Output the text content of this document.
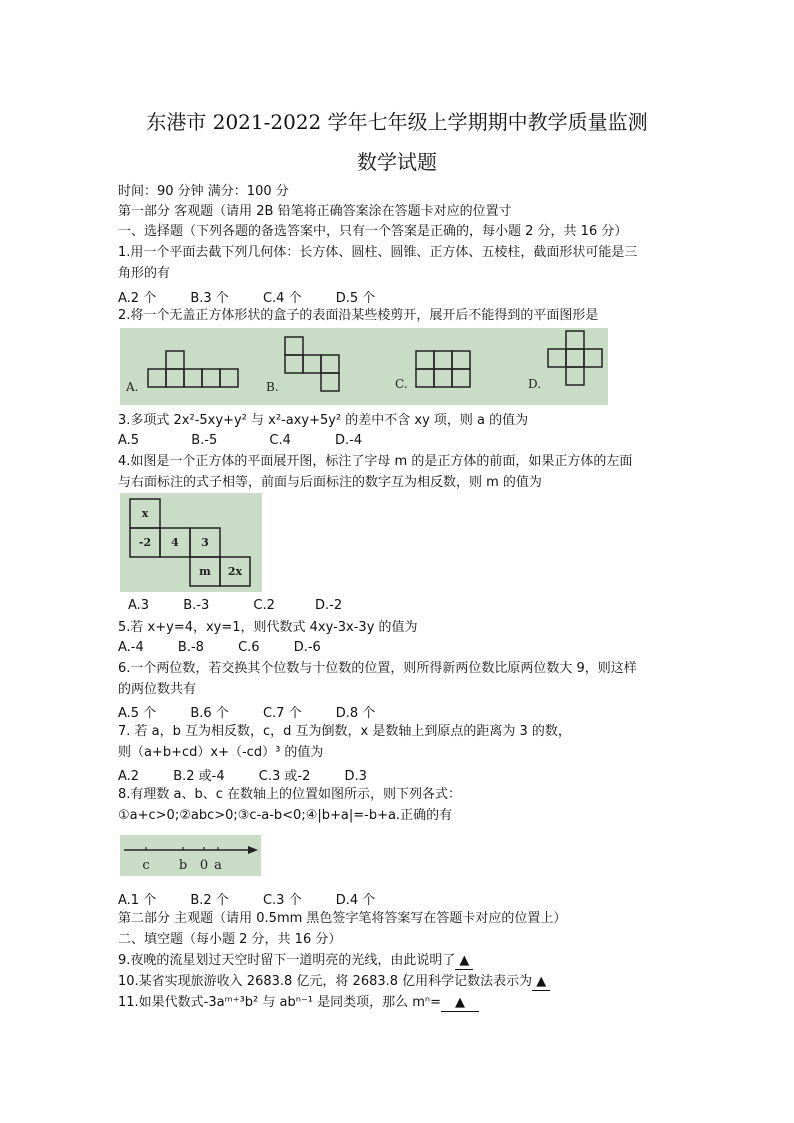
东港市 2021-2022 学年七年级上学期期中教学质量监测
数学试题
时间：90 分钟 满分：100 分
第一部分 客观题（请用 2B 铅笔将正确答案涂在答题卡对应的位置寸
一、选择题（下列各题的备选答案中，只有一个答案是正确的，每小题 2 分，共 16 分）
1.用一个平面去截下列几何体：长方体、圆柱、圆锥、正方体、五棱柱，截面形状可能是三
角形的有
A.2 个	B.3 个	C.4 个	D.5 个
2.将一个无盖正方体形状的盒子的表面沿某些棱剪开，展开后不能得到的平面图形是
A.	B.	C.	D.
3.多项式 2x²-5xy+y² 与 x²-axy+5y² 的差中不含 xy 项，则 a 的值为
A.5	B.-5	C.4	D.-4
4.如图是一个正方体的平面展开图，标注了字母 m 的是正方体的前面，如果正方体的左面
与右面标注的式子相等，前面与后面标注的数字互为相反数，则 m 的值为
x
-2 4 3
m 2x
A.3	B.-3	C.2	D.-2
5.若 x+y=4，xy=1，则代数式 4xy-3x-3y 的值为
A.-4	B.-8	C.6	D.-6
6.一个两位数，若交换其个位数与十位数的位置，则所得新两位数比原两位数大 9，则这样
的两位数共有
A.5 个	B.6 个	C.7 个	D.8 个
7. 若 a，b 互为相反数，c，d 互为倒数，x 是数轴上到原点的距离为 3 的数，
则（a+b+cd）x+（-cd）³ 的值为
A.2	B.2 或-4	C.3 或-2	D.3
8.有理数 a、b、c 在数轴上的位置如图所示，则下列各式：
①a+c>0;②abc>0;③c-a-b<0;④|b+a|=-b+a.正确的有
c b 0 a
A.1 个	B.2 个	C.3 个	D.4 个
第二部分 主观题（请用 0.5mm 黑色签字笔将答案写在答题卡对应的位置上）
二、填空题（每小题 2 分，共 16 分）
9.夜晚的流星划过天空时留下一道明亮的光线，由此说明了 ▲
10.某省实现旅游收入 2683.8 亿元，将 2683.8 亿用科学记数法表示为 ▲
11.如果代数式-3aᵐ⁺³b² 与 abⁿ⁻¹ 是同类项，那么 mⁿ= ▲
